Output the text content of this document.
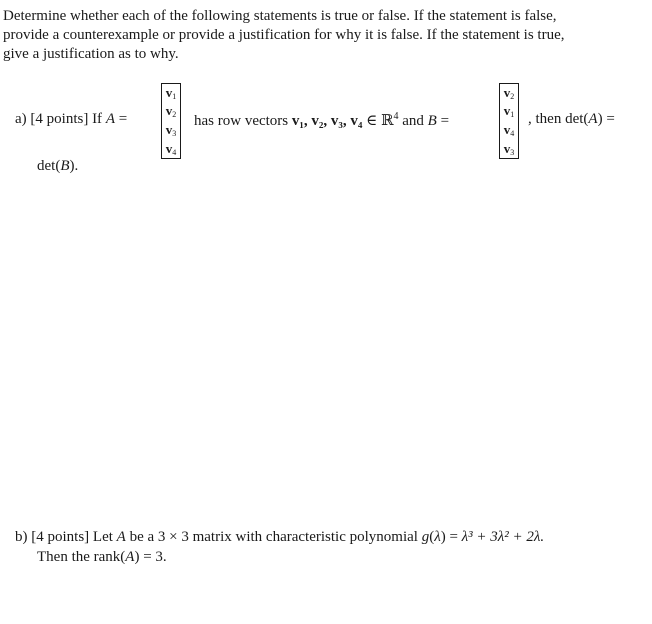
Determine whether each of the following statements is true or false. If the statement is false,
provide a counterexample or provide a justification for why it is false. If the statement is true,
give a justification as to why.
a) [4 points] If A =
$v_1$
$v_2$
$v_3$
$v_4$
has row vectors v₁, v₂, v₃, v₄ ∈ ℝ$^4$ and B =
$v_2$
$v_1$
$v_4$
$v_3$
, then det(A) =
det(B).
b) [4 points] Let A be a 3 × 3 matrix with characteristic polynomial g(λ) = λ³ + 3λ² + 2λ.
Then the rank(A) = 3.
